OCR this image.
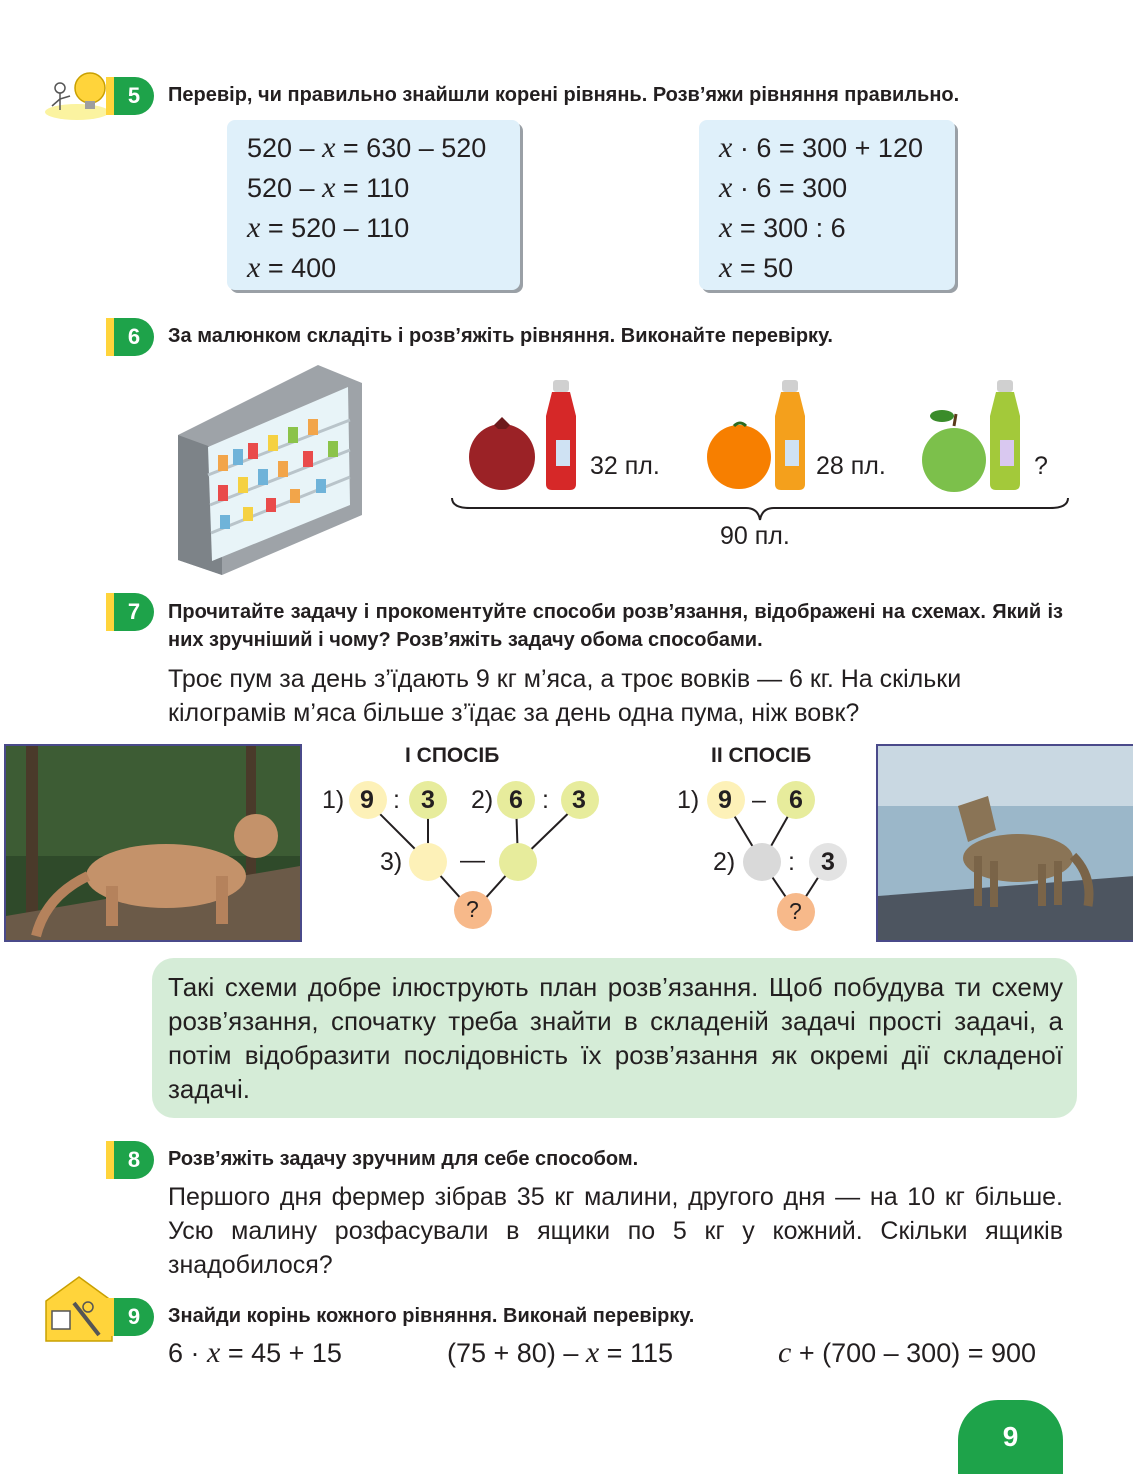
5	Перевір, чи правильно знайшли корені рівнянь. Розв’яжи рівняння правильно.
520 – x = 630 – 520
520 – x = 110
x = 520 – 110
x = 400
x · 6 = 300 + 120
x · 6 = 300
x = 300 : 6
x = 50
6	За малюнком складіть і розв’яжіть рівняння. Виконайте перевірку.
32 пл.	28 пл.	?
90 пл.
7	Прочитайте задачу і прокоментуйте способи розв’язання, відображені на схемах. Який із них зручніший і чому? Розв’яжіть задачу обома способами.
Троє пум за день з’їдають 9 кг м’яса, а троє вовків — 6 кг. На скільки кілограмів м’яса більше з’їдає за день одна пума, ніж вовк?
І СПОСІБ
1) 9 : 3 2) 6 : 3
3) —
?
ІІ СПОСІБ
1) 9 – 6
2) : 3
?
Такі схеми добре ілюструють план розв’язання. Щоб побудува ти схему розв’язання, спочатку треба знайти в складеній задачі прості задачі, а потім відобразити послідовність їх розв’язання як окремі дії складеної задачі.
8	Розв’яжіть задачу зручним для себе способом.
Першого дня фермер зібрав 35 кг малини, другого дня — на 10 кг більше. Усю малину розфасували в ящики по 5 кг у кожний. Скільки ящиків знадобилося?
9	Знайди корінь кожного рівняння. Виконай перевірку.
6 · x = 45 + 15	(75 + 80) – x = 115	c + (700 – 300) = 900
9
